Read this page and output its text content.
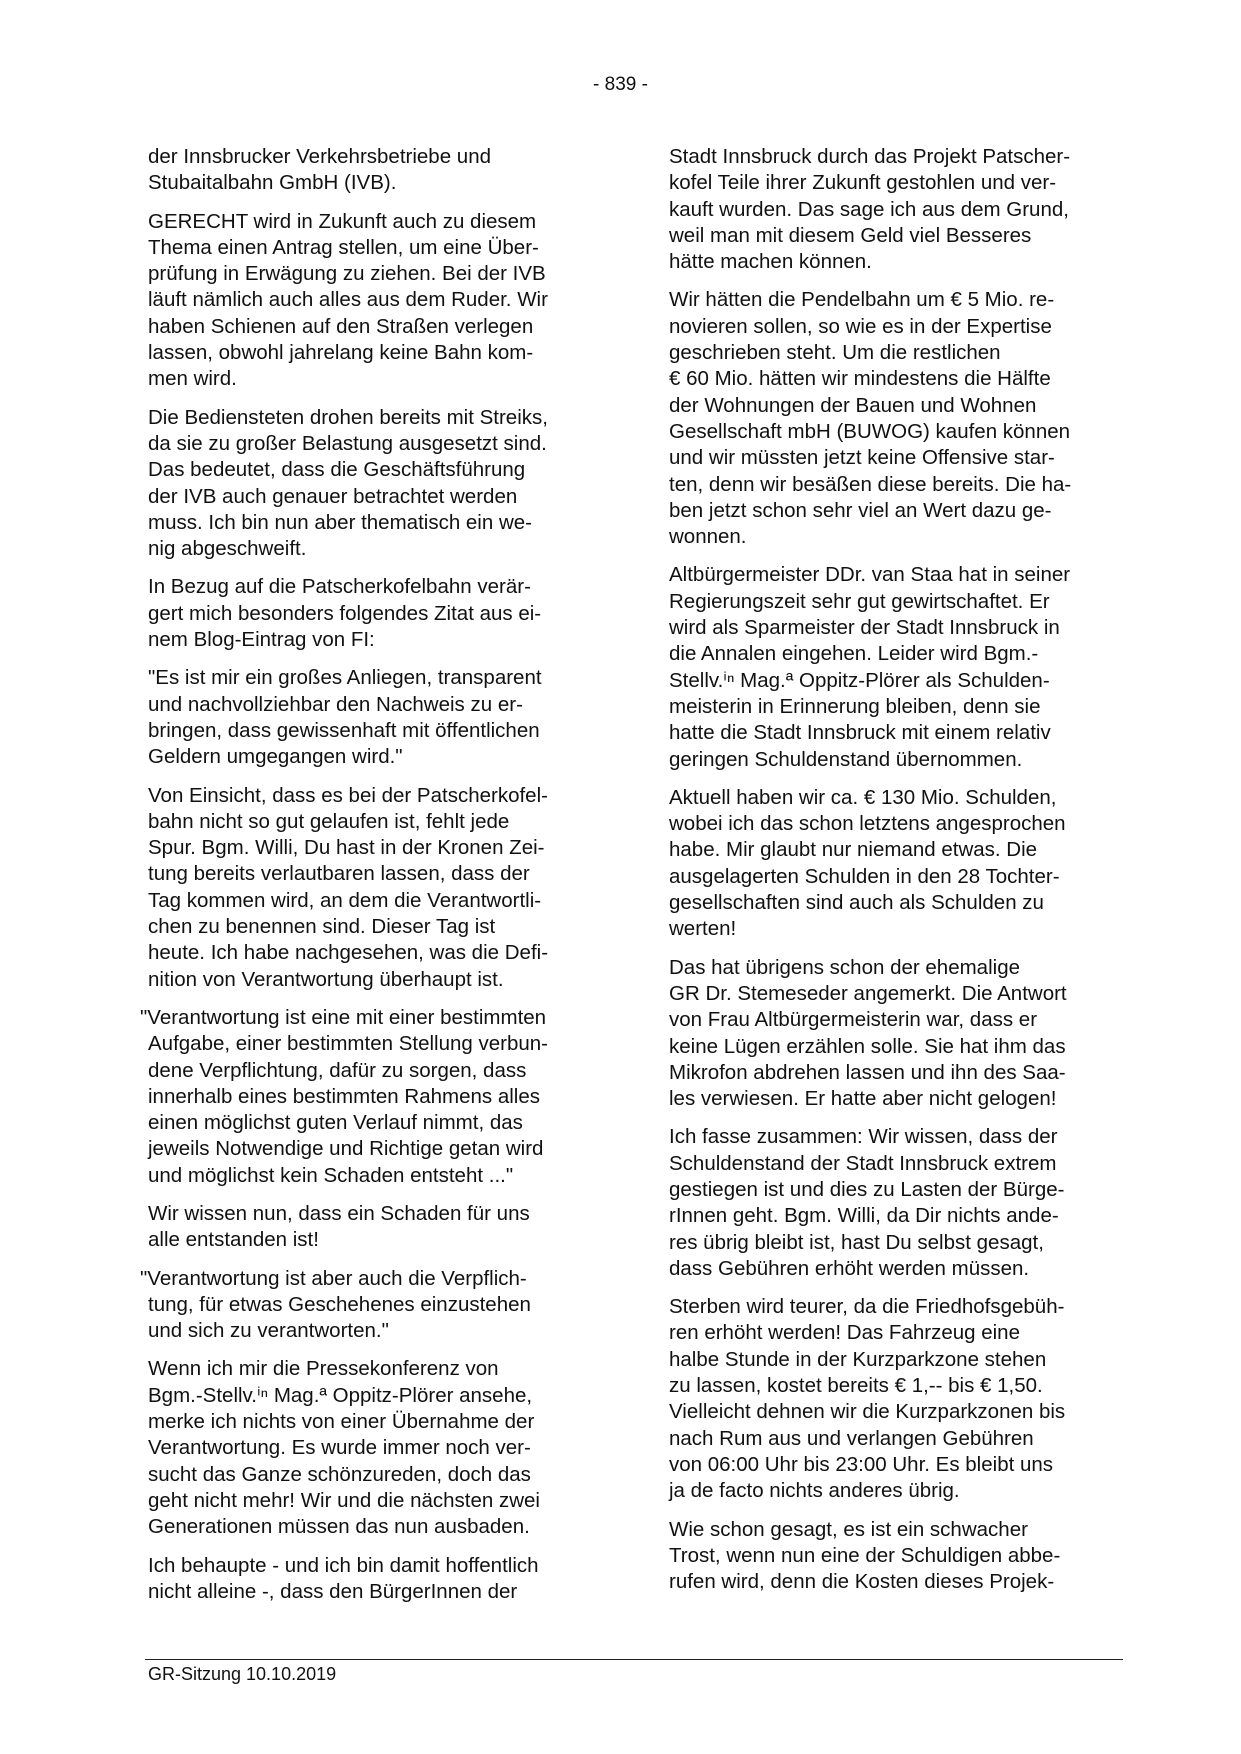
- 839 -

der Innsbrucker Verkehrsbetriebe und
Stubaitalbahn GmbH (IVB).

GERECHT wird in Zukunft auch zu diesem
Thema einen Antrag stellen, um eine Über-
prüfung in Erwägung zu ziehen. Bei der IVB
läuft nämlich auch alles aus dem Ruder. Wir
haben Schienen auf den Straßen verlegen
lassen, obwohl jahrelang keine Bahn kom-
men wird.

Die Bediensteten drohen bereits mit Streiks,
da sie zu großer Belastung ausgesetzt sind.
Das bedeutet, dass die Geschäftsführung
der IVB auch genauer betrachtet werden
muss. Ich bin nun aber thematisch ein we-
nig abgeschweift.

In Bezug auf die Patscherkofelbahn verär-
gert mich besonders folgendes Zitat aus ei-
nem Blog-Eintrag von FI:

"Es ist mir ein großes Anliegen, transparent
und nachvollziehbar den Nachweis zu er-
bringen, dass gewissenhaft mit öffentlichen
Geldern umgegangen wird."

Von Einsicht, dass es bei der Patscherkofel-
bahn nicht so gut gelaufen ist, fehlt jede
Spur. Bgm. Willi, Du hast in der Kronen Zei-
tung bereits verlautbaren lassen, dass der
Tag kommen wird, an dem die Verantwortli-
chen zu benennen sind. Dieser Tag ist
heute. Ich habe nachgesehen, was die Defi-
nition von Verantwortung überhaupt ist.

"Verantwortung ist eine mit einer bestimmten
Aufgabe, einer bestimmten Stellung verbun-
dene Verpflichtung, dafür zu sorgen, dass
innerhalb eines bestimmten Rahmens alles
einen möglichst guten Verlauf nimmt, das
jeweils Notwendige und Richtige getan wird
und möglichst kein Schaden entsteht ..."

Wir wissen nun, dass ein Schaden für uns
alle entstanden ist!

"Verantwortung ist aber auch die Verpflich-
tung, für etwas Geschehenes einzustehen
und sich zu verantworten."

Wenn ich mir die Pressekonferenz von
Bgm.-Stellv.ⁱⁿ Mag.ª Oppitz-Plörer ansehe,
merke ich nichts von einer Übernahme der
Verantwortung. Es wurde immer noch ver-
sucht das Ganze schönzureden, doch das
geht nicht mehr! Wir und die nächsten zwei
Generationen müssen das nun ausbaden.

Ich behaupte - und ich bin damit hoffentlich
nicht alleine -, dass den BürgerInnen der

Stadt Innsbruck durch das Projekt Patscher-
kofel Teile ihrer Zukunft gestohlen und ver-
kauft wurden. Das sage ich aus dem Grund,
weil man mit diesem Geld viel Besseres
hätte machen können.

Wir hätten die Pendelbahn um € 5 Mio. re-
novieren sollen, so wie es in der Expertise
geschrieben steht. Um die restlichen
€ 60 Mio. hätten wir mindestens die Hälfte
der Wohnungen der Bauen und Wohnen
Gesellschaft mbH (BUWOG) kaufen können
und wir müssten jetzt keine Offensive star-
ten, denn wir besäßen diese bereits. Die ha-
ben jetzt schon sehr viel an Wert dazu ge-
wonnen.

Altbürgermeister DDr. van Staa hat in seiner
Regierungszeit sehr gut gewirtschaftet. Er
wird als Sparmeister der Stadt Innsbruck in
die Annalen eingehen. Leider wird Bgm.-
Stellv.ⁱⁿ Mag.ª Oppitz-Plörer als Schulden-
meisterin in Erinnerung bleiben, denn sie
hatte die Stadt Innsbruck mit einem relativ
geringen Schuldenstand übernommen.

Aktuell haben wir ca. € 130 Mio. Schulden,
wobei ich das schon letztens angesprochen
habe. Mir glaubt nur niemand etwas. Die
ausgelagerten Schulden in den 28 Tochter-
gesellschaften sind auch als Schulden zu
werten!

Das hat übrigens schon der ehemalige
GR Dr. Stemeseder angemerkt. Die Antwort
von Frau Altbürgermeisterin war, dass er
keine Lügen erzählen solle. Sie hat ihm das
Mikrofon abdrehen lassen und ihn des Saa-
les verwiesen. Er hatte aber nicht gelogen!

Ich fasse zusammen: Wir wissen, dass der
Schuldenstand der Stadt Innsbruck extrem
gestiegen ist und dies zu Lasten der Bürge-
rInnen geht. Bgm. Willi, da Dir nichts ande-
res übrig bleibt ist, hast Du selbst gesagt,
dass Gebühren erhöht werden müssen.

Sterben wird teurer, da die Friedhofsgebüh-
ren erhöht werden! Das Fahrzeug eine
halbe Stunde in der Kurzparkzone stehen
zu lassen, kostet bereits € 1,-- bis € 1,50.
Vielleicht dehnen wir die Kurzparkzonen bis
nach Rum aus und verlangen Gebühren
von 06:00 Uhr bis 23:00 Uhr. Es bleibt uns
ja de facto nichts anderes übrig.

Wie schon gesagt, es ist ein schwacher
Trost, wenn nun eine der Schuldigen abbe-
rufen wird, denn die Kosten dieses Projek-

GR-Sitzung 10.10.2019
